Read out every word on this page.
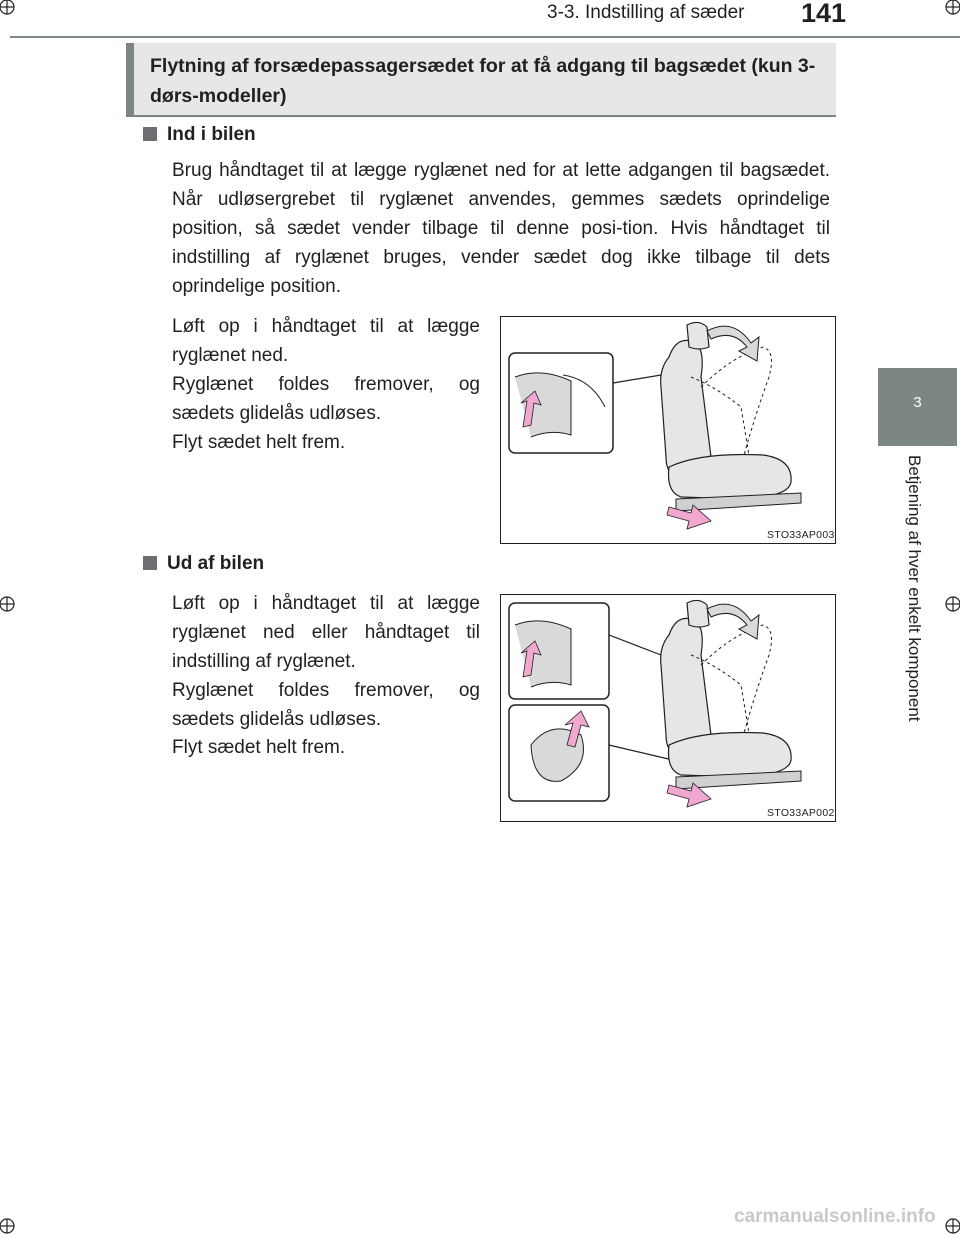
3-3. Indstilling af sæder 141
3
Betjening af hver enkelt komponent
Flytning af forsædepassagersædet for at få adgang til bagsædet (kun 3-dørs-modeller)
Ind i bilen

Brug håndtaget til at lægge ryglænet ned for at lette adgangen til bagsædet. Når udløsergrebet til ryglænet anvendes, gemmes sædets oprindelige position, så sædet vender tilbage til denne posi-tion. Hvis håndtaget til indstilling af ryglænet bruges, vender sædet dog ikke tilbage til dets oprindelige position.

Løft op i håndtaget til at lægge ryglænet ned.

Ryglænet foldes fremover, og sædets glidelås udløses.

Flyt sædet helt frem.

STO33AP003
Ud af bilen

Løft op i håndtaget til at lægge ryglænet ned eller håndtaget til indstilling af ryglænet.

Ryglænet foldes fremover, og sædets glidelås udløses.

Flyt sædet helt frem.

STO33AP002
carmanualsonline.info
